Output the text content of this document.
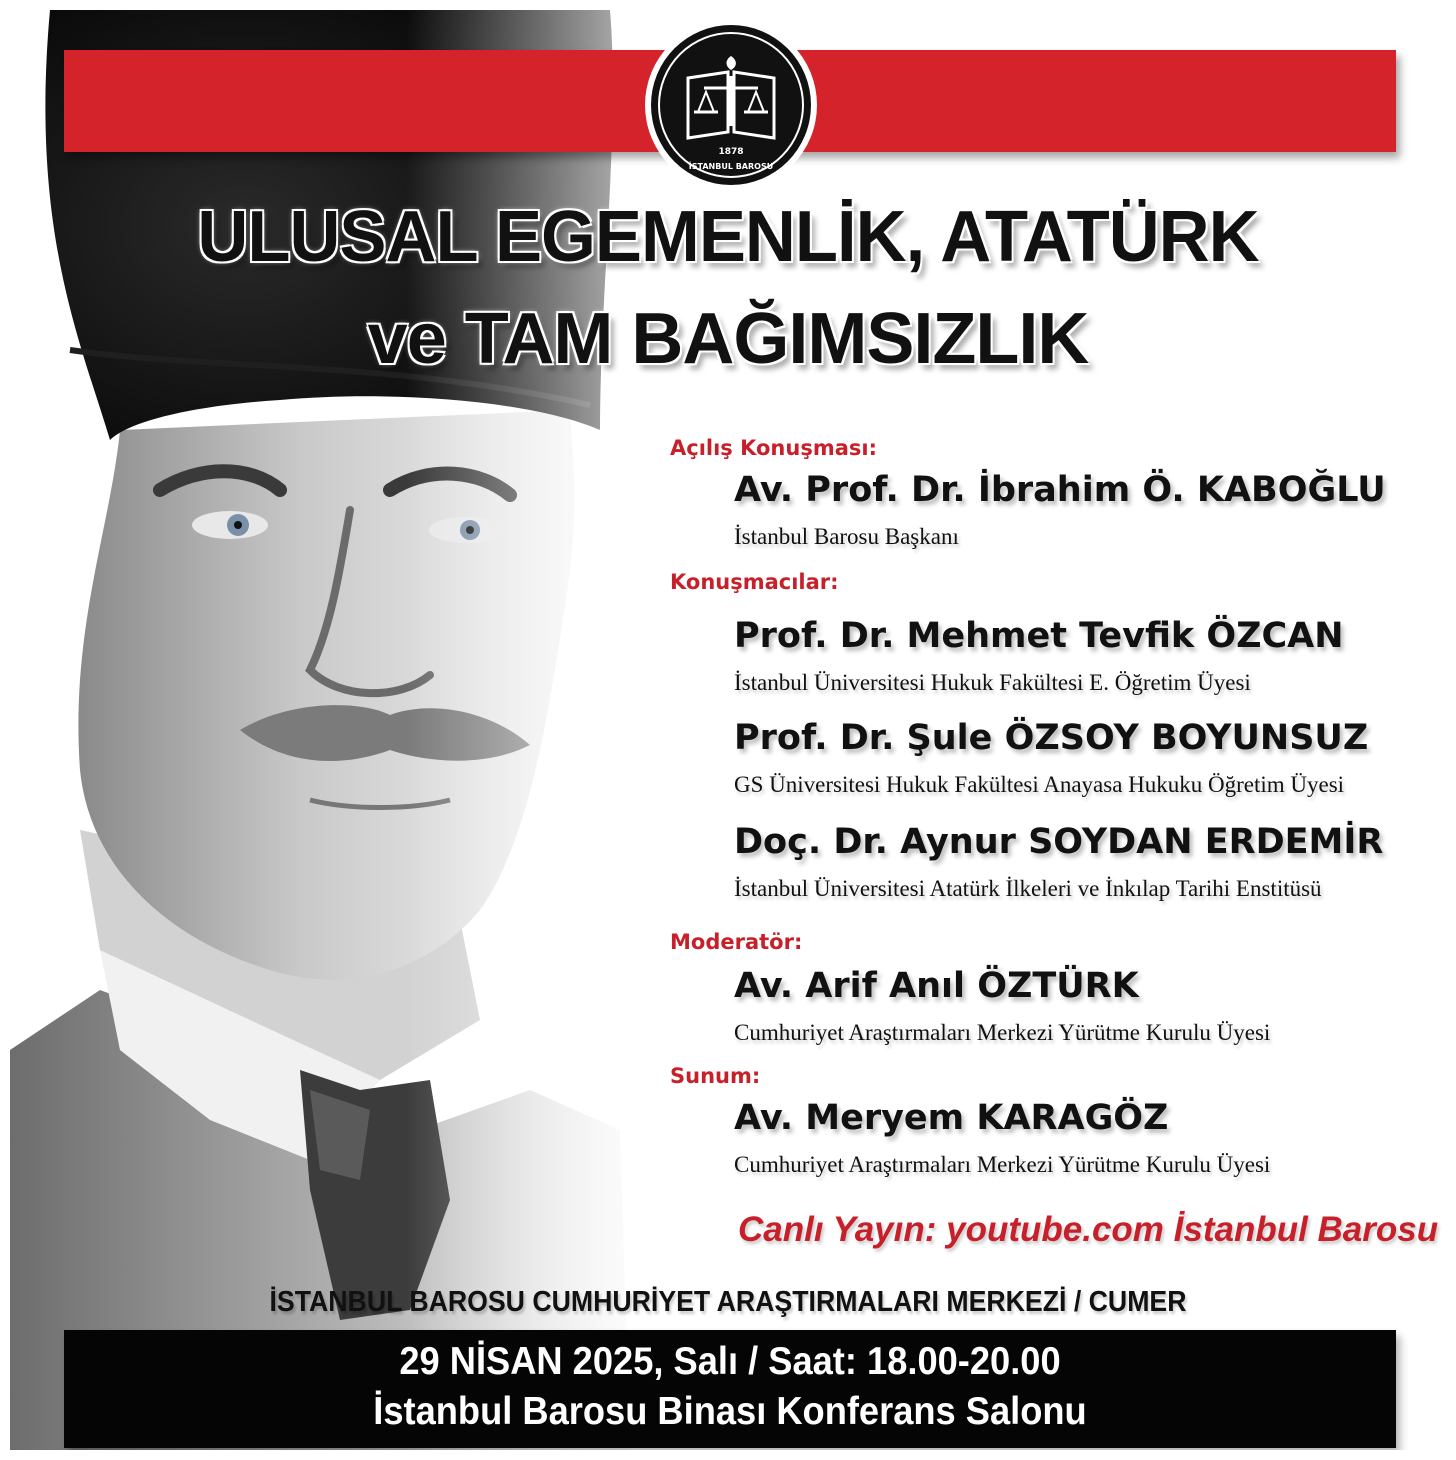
1878
İSTANBUL BAROSU
ULUSAL EGEMENLİK, ATATÜRK
ve TAM BAĞIMSIZLIK
Açılış Konuşması:
Av. Prof. Dr. İbrahim Ö. KABOĞLU
İstanbul Barosu Başkanı
Konuşmacılar:
Prof. Dr. Mehmet Tevfik ÖZCAN
İstanbul Üniversitesi Hukuk Fakültesi E. Öğretim Üyesi
Prof. Dr. Şule ÖZSOY BOYUNSUZ
GS Üniversitesi Hukuk Fakültesi Anayasa Hukuku Öğretim Üyesi
Doç. Dr. Aynur SOYDAN ERDEMİR
İstanbul Üniversitesi Atatürk İlkeleri ve İnkılap Tarihi Enstitüsü
Moderatör:
Av. Arif Anıl ÖZTÜRK
Cumhuriyet Araştırmaları Merkezi Yürütme Kurulu Üyesi
Sunum:
Av. Meryem KARAGÖZ
Cumhuriyet Araştırmaları Merkezi Yürütme Kurulu Üyesi
Canlı Yayın: youtube.com İstanbul Barosu
İSTANBUL BAROSU CUMHURİYET ARAŞTIRMALARI MERKEZİ / CUMER
29 NİSAN 2025, Salı / Saat: 18.00-20.00
İstanbul Barosu Binası Konferans Salonu
